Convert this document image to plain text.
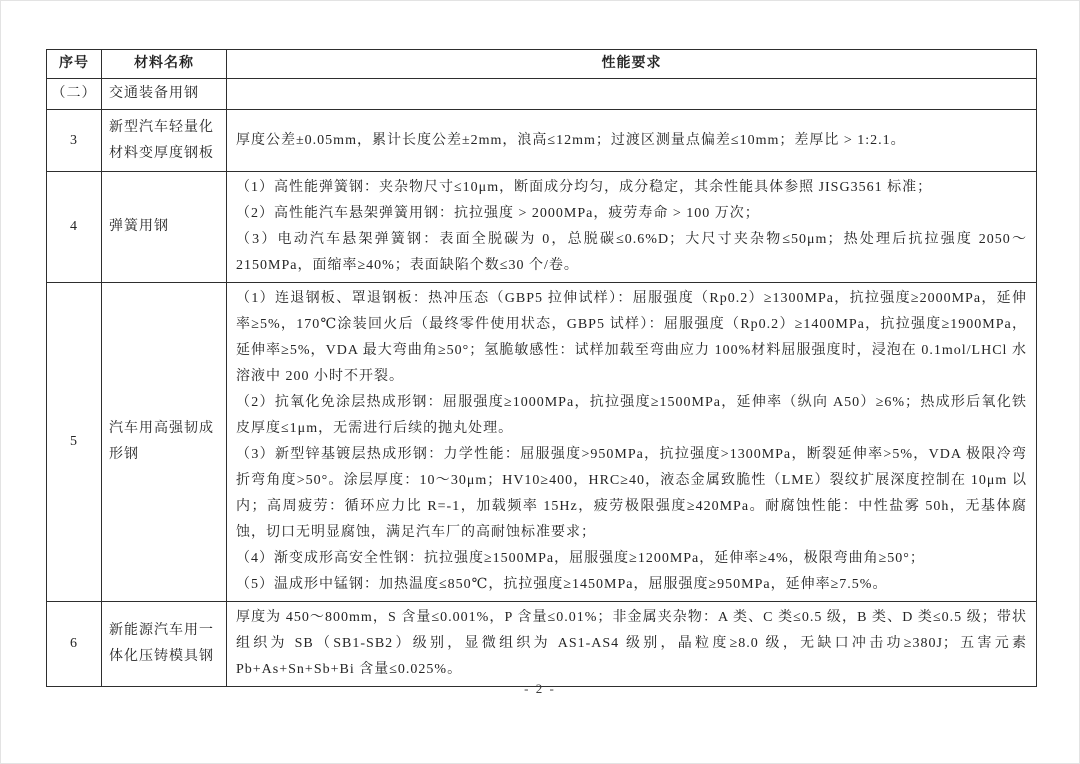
序号	材料名称	性能要求
（二）	交通装备用钢	
3	新型汽车轻量化材料变厚度钢板	厚度公差±0.05mm，累计长度公差±2mm，浪高≤12mm；过渡区测量点偏差≤10mm；差厚比 > 1:2.1。

4	弹簧用钢	（1）高性能弹簧钢：夹杂物尺寸≤10μm，断面成分均匀，成分稳定，其余性能具体参照 JISG3561 标准；

（2）高性能汽车悬架弹簧用钢：抗拉强度 > 2000MPa，疲劳寿命 > 100 万次；

（3）电动汽车悬架弹簧钢：表面全脱碳为 0，总脱碳≤0.6%D；大尺寸夹杂物≤50μm；热处理后抗拉强度 2050～2150MPa，面缩率≥40%；表面缺陷个数≤30 个/卷。

5	汽车用高强韧成形钢	（1）连退钢板、罩退钢板：热冲压态（GBP5 拉伸试样）：屈服强度（Rp0.2）≥1300MPa，抗拉强度≥2000MPa，延伸率≥5%，170℃涂装回火后（最终零件使用状态，GBP5 试样）：屈服强度（Rp0.2）≥1400MPa，抗拉强度≥1900MPa，延伸率≥5%，VDA 最大弯曲角≥50°；氢脆敏感性：试样加载至弯曲应力 100%材料屈服强度时，浸泡在 0.1mol/LHCl 水溶液中 200 小时不开裂。

（2）抗氧化免涂层热成形钢：屈服强度≥1000MPa，抗拉强度≥1500MPa，延伸率（纵向 A50）≥6%；热成形后氧化铁皮厚度≤1μm，无需进行后续的抛丸处理。

（3）新型锌基镀层热成形钢：力学性能：屈服强度>950MPa，抗拉强度>1300MPa，断裂延伸率>5%，VDA 极限冷弯折弯角度>50°。涂层厚度：10～30μm；HV10≥400，HRC≥40，液态金属致脆性（LME）裂纹扩展深度控制在 10μm 以内；高周疲劳：循环应力比 R=-1，加载频率 15Hz，疲劳极限强度≥420MPa。耐腐蚀性能：中性盐雾 50h，无基体腐蚀，切口无明显腐蚀，满足汽车厂的高耐蚀标准要求；

（4）渐变成形高安全性钢：抗拉强度≥1500MPa，屈服强度≥1200MPa，延伸率≥4%，极限弯曲角≥50°；

（5）温成形中锰钢：加热温度≤850℃，抗拉强度≥1450MPa，屈服强度≥950MPa，延伸率≥7.5%。

6	新能源汽车用一体化压铸模具钢	厚度为 450～800mm，S 含量≤0.001%，P 含量≤0.01%；非金属夹杂物：A 类、C 类≤0.5 级，B 类、D 类≤0.5 级；带状组织为 SB（SB1-SB2）级别，显微组织为 AS1-AS4 级别，晶粒度≥8.0 级，无缺口冲击功≥380J；五害元素 Pb+As+Sn+Sb+Bi 含量≤0.025%。

- 2 -
